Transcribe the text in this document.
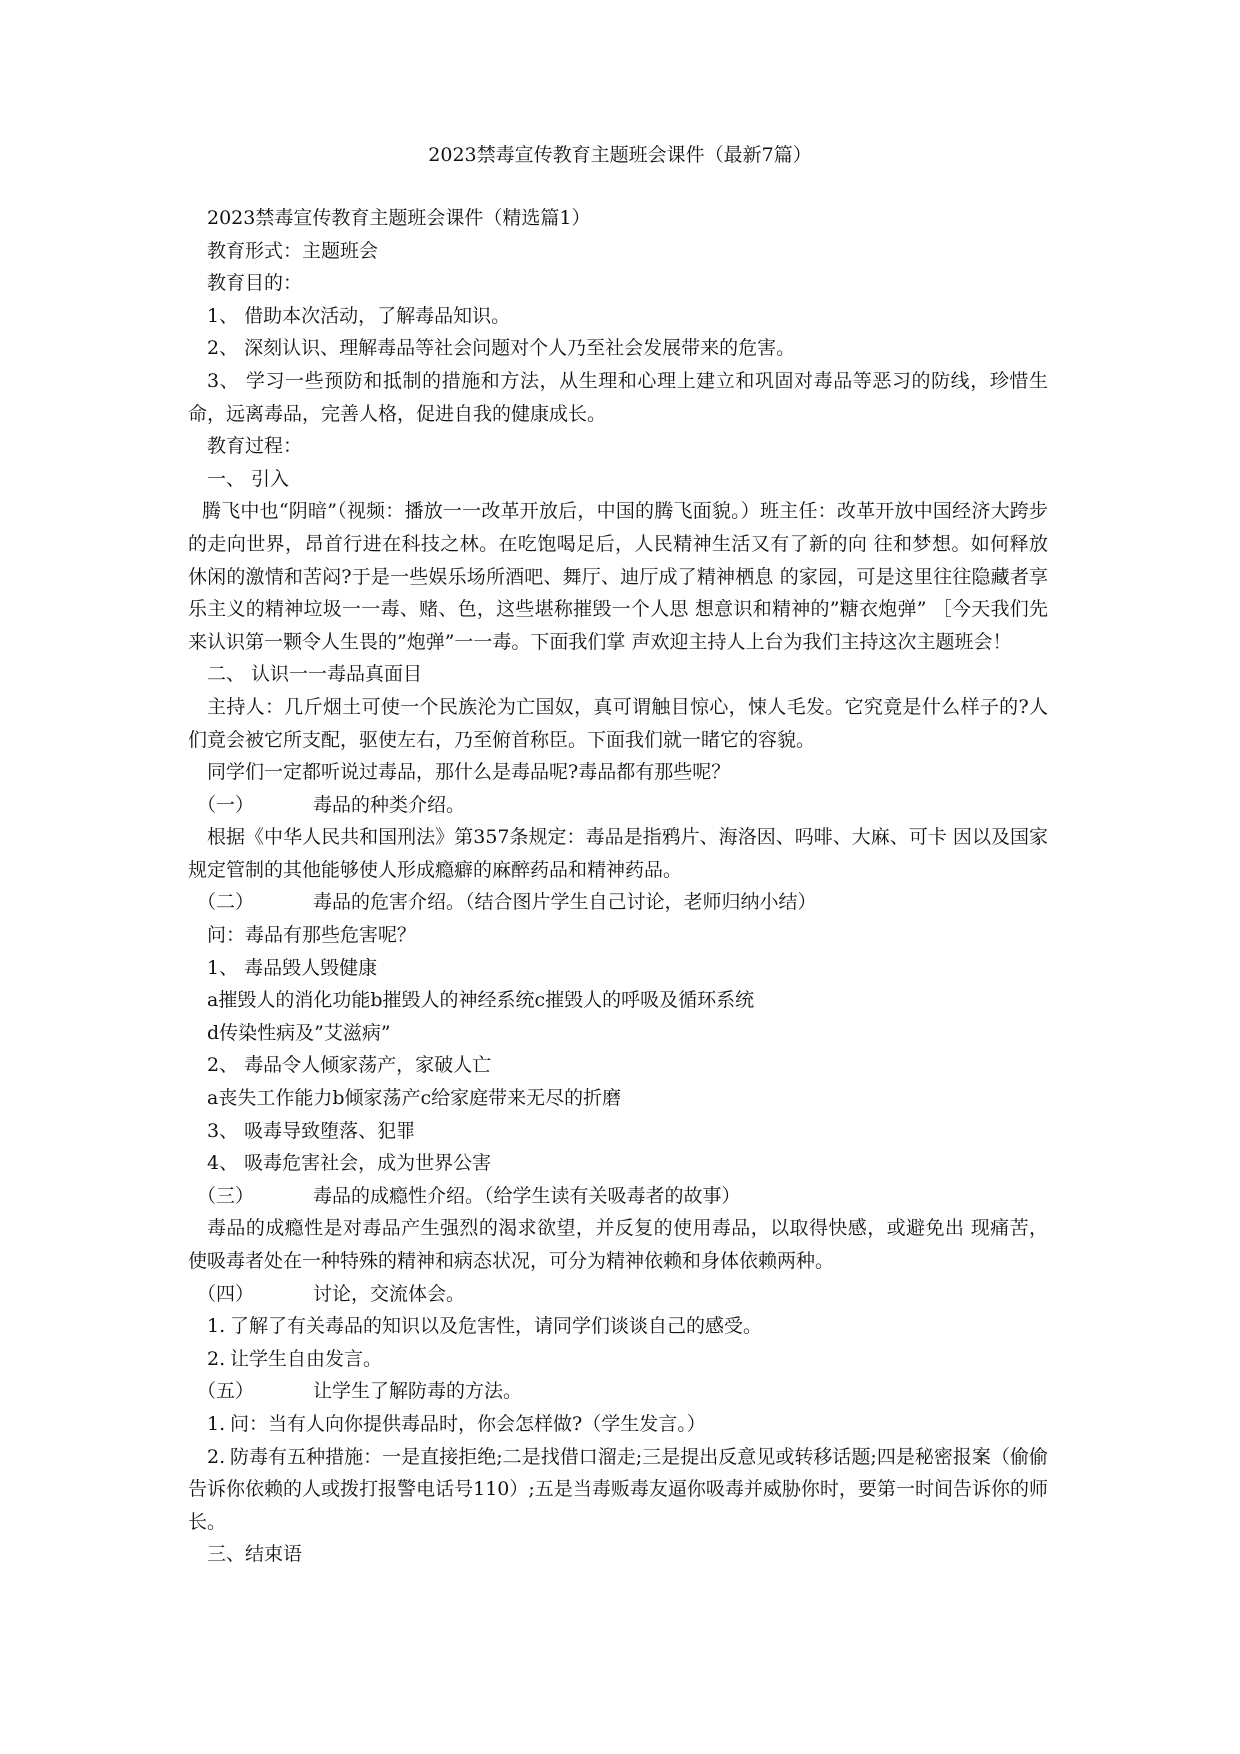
2023禁毒宣传教育主题班会课件（最新7篇）

2023禁毒宣传教育主题班会课件（精选篇1）

教育形式：主题班会

教育目的：

1、 借助本次活动，了解毒品知识。

2、 深刻认识、理解毒品等社会问题对个人乃至社会发展带来的危害。

3、 学习一些预防和抵制的措施和方法，从生理和心理上建立和巩固对毒品等恶习的防线，珍惜生命，远离毒品，完善人格，促进自我的健康成长。

教育过程：

一、 引入

腾飞中也“阴暗”（视频：播放一一改革开放后，中国的腾飞面貌。）班主任：改革开放中国经济大跨步的走向世界，昂首行进在科技之林。在吃饱喝足后，人民精神生活又有了新的向 往和梦想。如何释放休闲的激情和苦闷?于是一些娱乐场所酒吧、舞厅、迪厅成了精神栖息 的家园，可是这里往往隐藏者享乐主义的精神垃圾一一毒、赌、色，这些堪称摧毁一个人思 想意识和精神的”糖衣炮弹” ［今天我们先来认识第一颗令人生畏的”炮弹”一一毒。下面我们掌 声欢迎主持人上台为我们主持这次主题班会！

二、 认识一一毒品真面目

主持人：几斤烟土可使一个民族沦为亡国奴，真可谓触目惊心，悚人毛发。它究竟是什么样子的?人们竟会被它所支配，驱使左右，乃至俯首称臣。下面我们就一睹它的容貌。

同学们一定都听说过毒品，那什么是毒品呢?毒品都有那些呢？

（一）	毒品的种类介绍。

根据《中华人民共和国刑法》第357条规定：毒品是指鸦片、海洛因、吗啡、大麻、可卡 因以及国家规定管制的其他能够使人形成瘾癖的麻醉药品和精神药品。

（二）	毒品的危害介绍。（结合图片学生自己讨论，老师归纳小结）

问：毒品有那些危害呢？

1、 毒品毁人毁健康

a摧毁人的消化功能b摧毁人的神经系统c摧毁人的呼吸及循环系统

d传染性病及”艾滋病”

2、 毒品令人倾家荡产，家破人亡

a丧失工作能力b倾家荡产c给家庭带来无尽的折磨

3、 吸毒导致堕落、犯罪

4、 吸毒危害社会，成为世界公害

（三）	毒品的成瘾性介绍。（给学生读有关吸毒者的故事）

毒品的成瘾性是对毒品产生强烈的渴求欲望，并反复的使用毒品，以取得快感，或避免出 现痛苦，使吸毒者处在一种特殊的精神和病态状况，可分为精神依赖和身体依赖两种。

（四）	讨论，交流体会。

1. 了解了有关毒品的知识以及危害性，请同学们谈谈自己的感受。

2. 让学生自由发言。

（五）	让学生了解防毒的方法。

1. 问：当有人向你提供毒品时，你会怎样做?（学生发言。）

2. 防毒有五种措施：一是直接拒绝;二是找借口溜走;三是提出反意见或转移话题;四是秘密报案（偷偷告诉你依赖的人或拨打报警电话号110）;五是当毒贩毒友逼你吸毒并威胁你时，要第一时间告诉你的师长。

三、结束语
